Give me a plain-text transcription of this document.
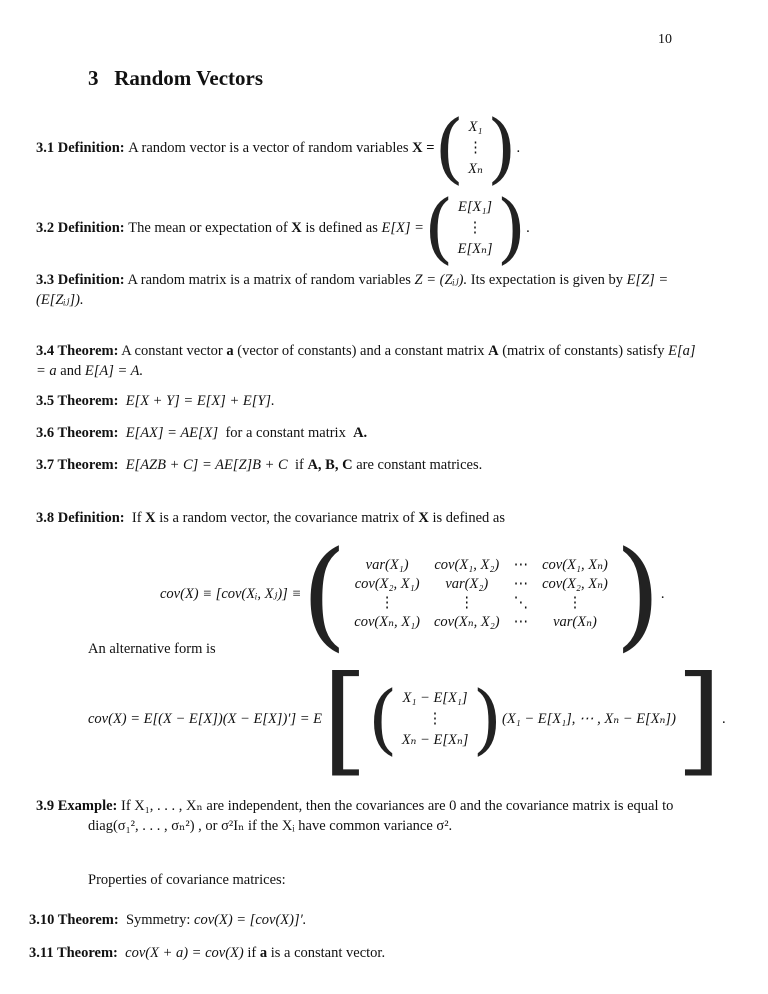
10
3 Random Vectors
3.1 Definition:
A random vector is a vector of random variables
X = ( X₁
⋮
Xₙ ) .
3.2 Definition:
The mean or expectation of
X
is defined as
E[X] = ( E[X₁]
⋮
E[Xₙ] ) .
3.3 Definition: A random matrix is a matrix of random variables Z = (Zᵢⱼ). Its expectation is given by E[Z] = (E[Zᵢⱼ]).
3.4 Theorem: A constant vector a (vector of constants) and a constant matrix A (matrix of constants) satisfy E[a] = a and E[A] = A.
3.5 Theorem: E[X + Y] = E[X] + E[Y].
3.6 Theorem: E[AX] = AE[X] for a constant matrix A.
3.7 Theorem: E[AZB + C] = AE[Z]B + C if A, B, C are constant matrices.
3.8 Definition: If X is a random vector, the covariance matrix of X is defined as
cov(X) ≡ [cov(Xᵢ, Xⱼ)] ≡ ( var(X₁)	cov(X₁, X₂)	⋯	cov(X₁, Xₙ)
cov(X₂, X₁)	var(X₂)	⋯	cov(X₂, Xₙ)
⋮	⋮	⋱	⋮
cov(Xₙ, X₁)	cov(Xₙ, X₂)	⋯	var(Xₙ) ) .
An alternative form is
cov(X) = E[(X − E[X])(X − E[X])′] = E [ ( X₁ − E[X₁]
⋮
Xₙ − E[Xₙ] ) (X₁ − E[X₁], ⋯ , Xₙ − E[Xₙ]) ] .
3.9 Example: If X₁, . . . , Xₙ are independent, then the covariances are 0 and the covariance matrix is equal to
diag(σ₁², . . . , σₙ²) , or σ²Iₙ if the Xᵢ have common variance σ².
Properties of covariance matrices:
3.10 Theorem: Symmetry: cov(X) = [cov(X)]′.
3.11 Theorem: cov(X + a) = cov(X) if a is a constant vector.
